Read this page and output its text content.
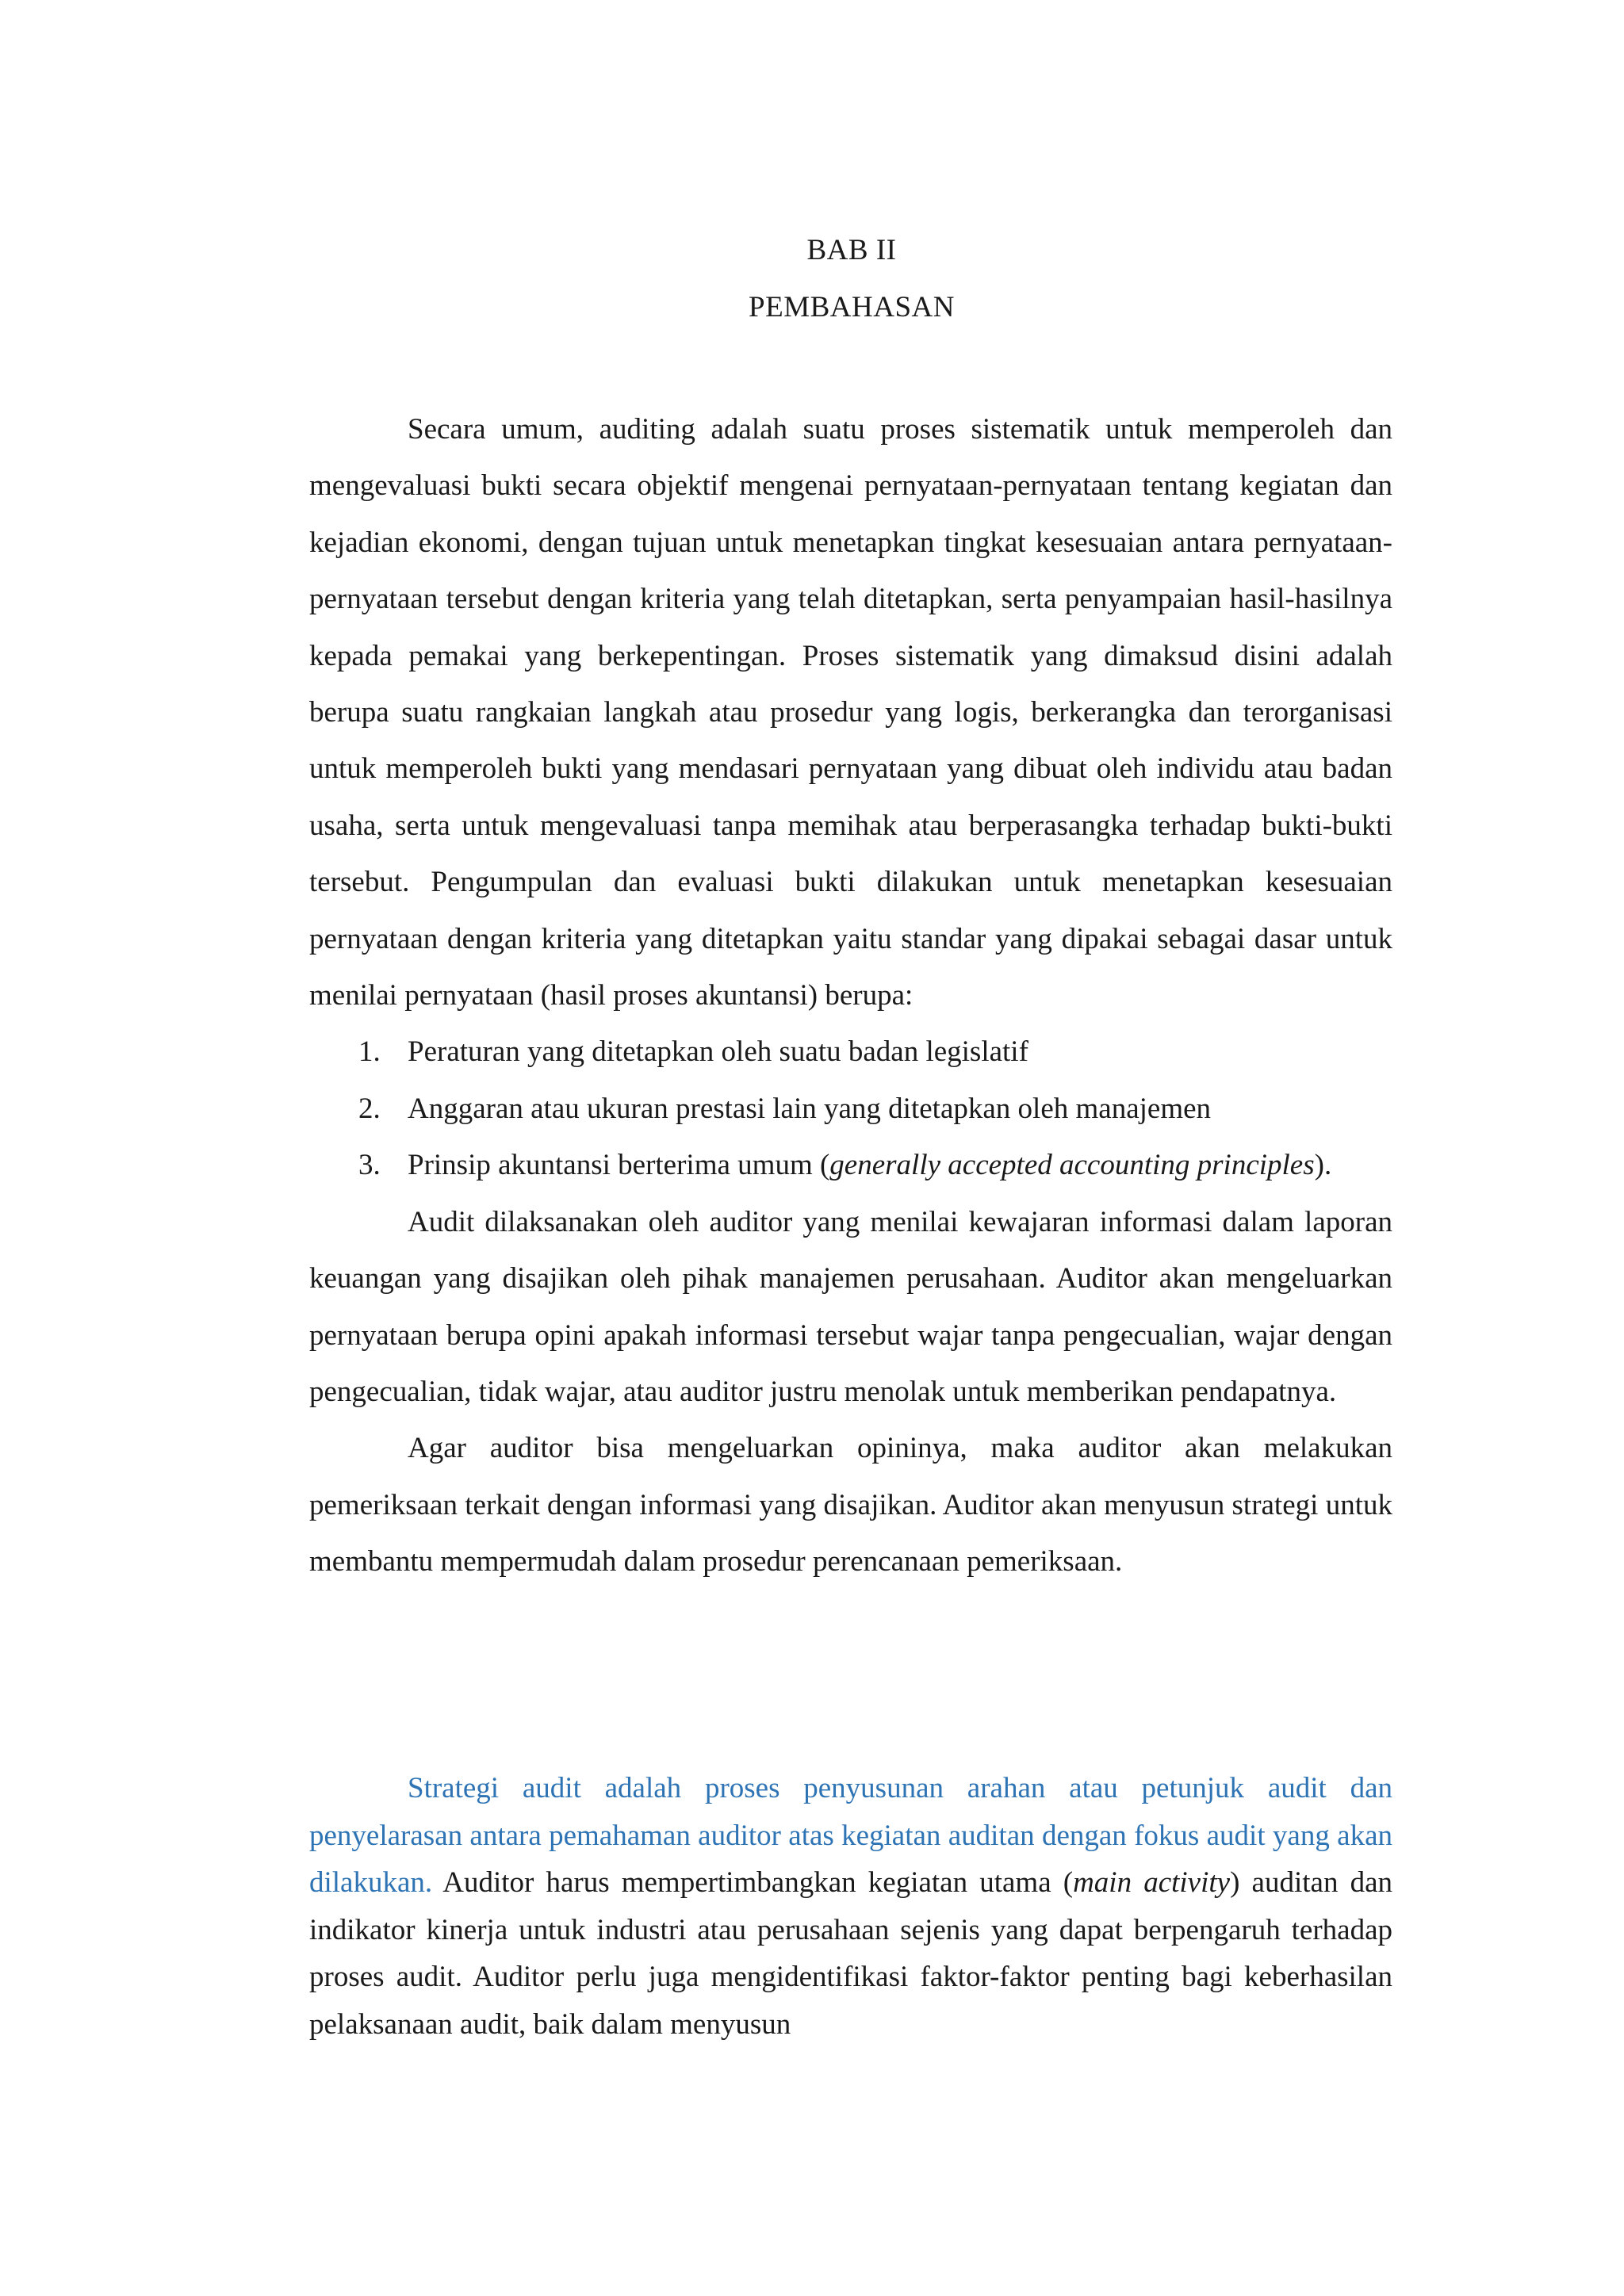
BAB II
PEMBAHASAN

Secara umum, auditing adalah suatu proses sistematik untuk memperoleh dan mengevaluasi bukti secara objektif mengenai pernyataan-pernyataan tentang kegiatan dan kejadian ekonomi, dengan tujuan untuk menetapkan tingkat kesesuaian antara pernyataan-pernyataan tersebut dengan kriteria yang telah ditetapkan, serta penyampaian hasil-hasilnya kepada pemakai yang berkepentingan. Proses sistematik yang dimaksud disini adalah berupa suatu rangkaian langkah atau prosedur yang logis, berkerangka dan terorganisasi untuk memperoleh bukti yang mendasari pernyataan yang dibuat oleh individu atau badan usaha, serta untuk mengevaluasi tanpa memihak atau berperasangka terhadap bukti-bukti tersebut. Pengumpulan dan evaluasi bukti dilakukan untuk menetapkan kesesuaian pernyataan dengan kriteria yang ditetapkan yaitu standar yang dipakai sebagai dasar untuk menilai pernyataan (hasil proses akuntansi) berupa:

1. Peraturan yang ditetapkan oleh suatu badan legislatif
2. Anggaran atau ukuran prestasi lain yang ditetapkan oleh manajemen
3. Prinsip akuntansi berterima umum (generally accepted accounting principles).

Audit dilaksanakan oleh auditor yang menilai kewajaran informasi dalam laporan keuangan yang disajikan oleh pihak manajemen perusahaan. Auditor akan mengeluarkan pernyataan berupa opini apakah informasi tersebut wajar tanpa pengecualian, wajar dengan pengecualian, tidak wajar, atau auditor justru menolak untuk memberikan pendapatnya.

Agar auditor bisa mengeluarkan opininya, maka auditor akan melakukan pemeriksaan terkait dengan informasi yang disajikan. Auditor akan menyusun strategi untuk membantu mempermudah dalam prosedur perencanaan pemeriksaan.

Strategi audit adalah proses penyusunan arahan atau petunjuk audit dan penyelarasan antara pemahaman auditor atas kegiatan auditan dengan fokus audit yang akan dilakukan. Auditor harus mempertimbangkan kegiatan utama (main activity) auditan dan indikator kinerja untuk industri atau perusahaan sejenis yang dapat berpengaruh terhadap proses audit. Auditor perlu juga mengidentifikasi faktor-faktor penting bagi keberhasilan pelaksanaan audit, baik dalam menyusun
